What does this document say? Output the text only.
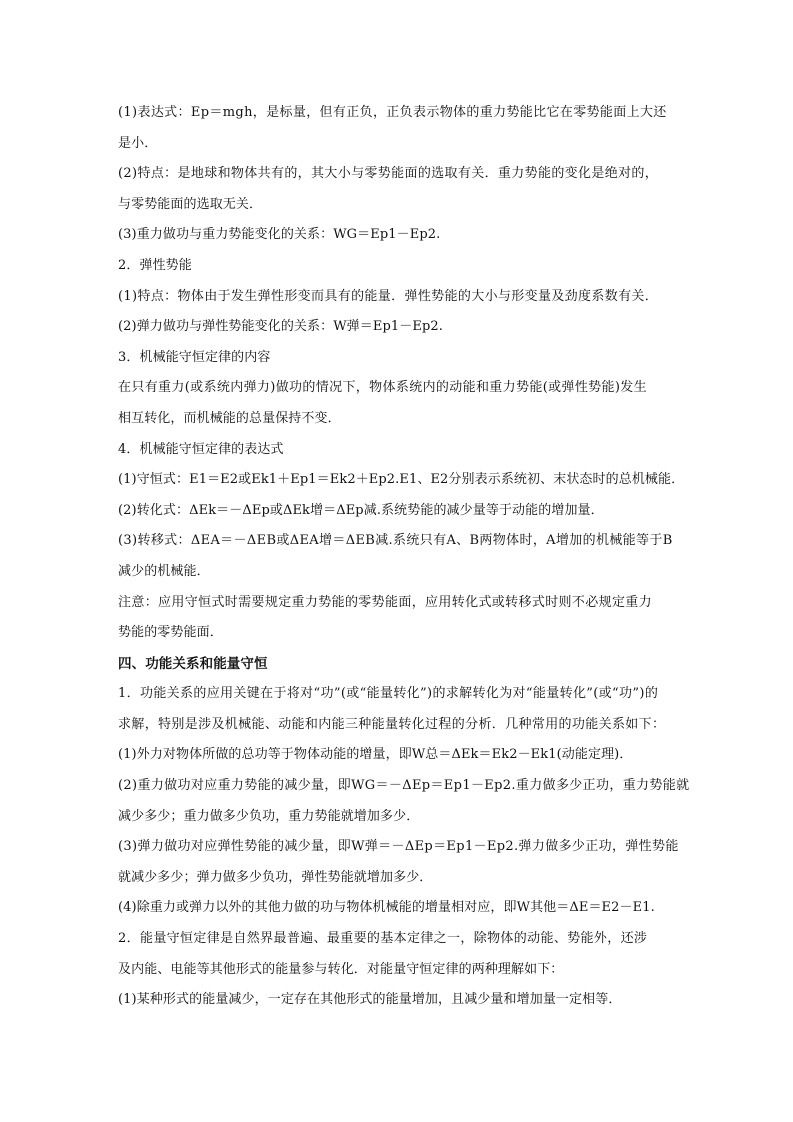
(1)表达式：Ep＝mgh，是标量，但有正负，正负表示物体的重力势能比它在零势能面上大还
是小．
(2)特点：是地球和物体共有的，其大小与零势能面的选取有关．重力势能的变化是绝对的，
与零势能面的选取无关．
(3)重力做功与重力势能变化的关系：WG＝Ep1－Ep2.
2．弹性势能
(1)特点：物体由于发生弹性形变而具有的能量．弹性势能的大小与形变量及劲度系数有关．
(2)弹力做功与弹性势能变化的关系：W弹＝Ep1－Ep2.
3．机械能守恒定律的内容
在只有重力(或系统内弹力)做功的情况下，物体系统内的动能和重力势能(或弹性势能)发生
相互转化，而机械能的总量保持不变．
4．机械能守恒定律的表达式
(1)守恒式：E1＝E2或Ek1＋Ep1＝Ek2＋Ep2.E1、E2分别表示系统初、末状态时的总机械能．
(2)转化式：ΔEk＝－ΔEp或ΔEk增＝ΔEp减.系统势能的减少量等于动能的增加量．
(3)转移式：ΔEA＝－ΔEB或ΔEA增＝ΔEB减.系统只有A、B两物体时，A增加的机械能等于B
减少的机械能．
注意：应用守恒式时需要规定重力势能的零势能面，应用转化式或转移式时则不必规定重力
势能的零势能面．
四、功能关系和能量守恒
1．功能关系的应用关键在于将对“功”(或“能量转化”)的求解转化为对“能量转化”(或“功”)的
求解，特别是涉及机械能、动能和内能三种能量转化过程的分析．几种常用的功能关系如下：
(1)外力对物体所做的总功等于物体动能的增量，即W总＝ΔEk＝Ek2－Ek1(动能定理)．
(2)重力做功对应重力势能的减少量，即WG＝－ΔEp＝Ep1－Ep2.重力做多少正功，重力势能就
减少多少；重力做多少负功，重力势能就增加多少．
(3)弹力做功对应弹性势能的减少量，即W弹＝－ΔEp＝Ep1－Ep2.弹力做多少正功，弹性势能
就减少多少；弹力做多少负功，弹性势能就增加多少．
(4)除重力或弹力以外的其他力做的功与物体机械能的增量相对应，即W其他＝ΔE＝E2－E1.
2．能量守恒定律是自然界最普遍、最重要的基本定律之一，除物体的动能、势能外，还涉
及内能、电能等其他形式的能量参与转化．对能量守恒定律的两种理解如下：
(1)某种形式的能量减少，一定存在其他形式的能量增加，且减少量和增加量一定相等．
